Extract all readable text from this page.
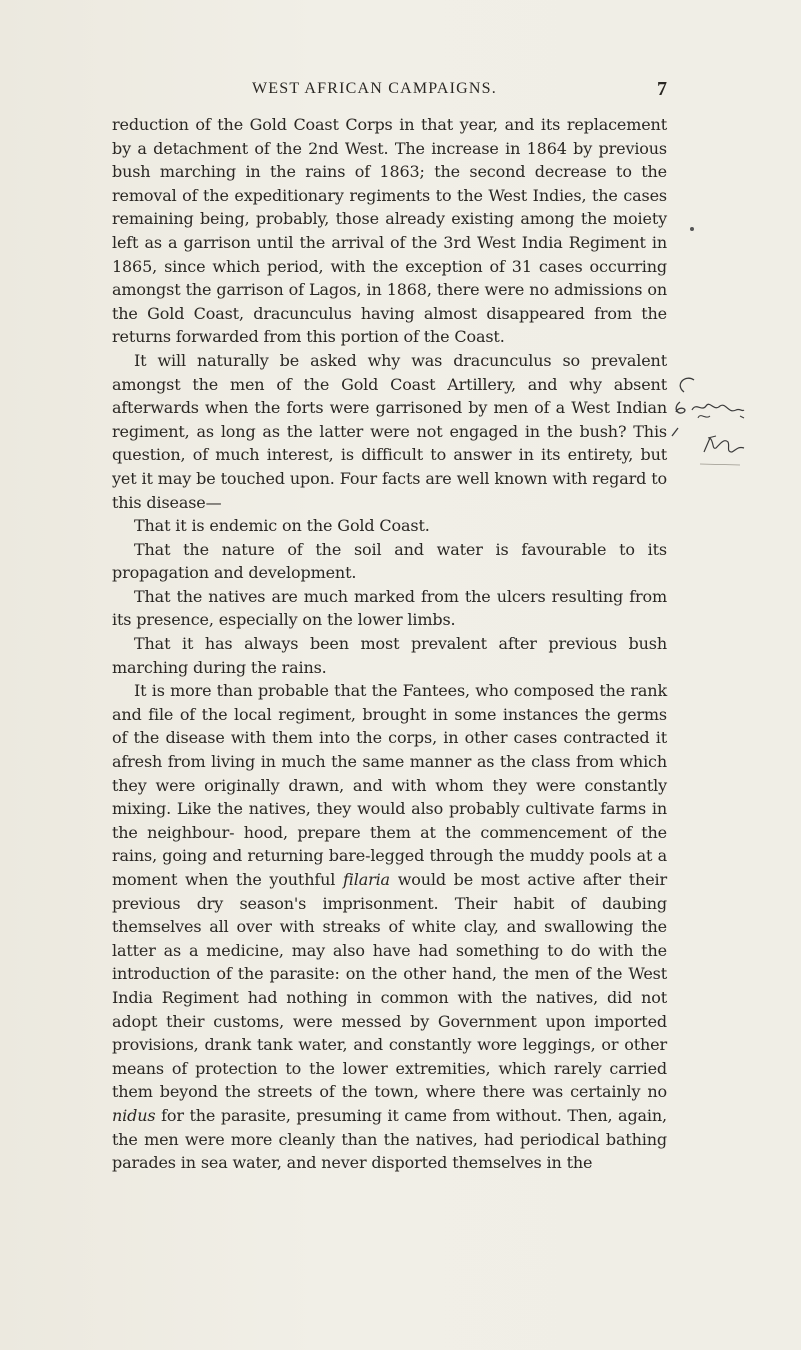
WEST AFRICAN CAMPAIGNS.	7

reduction of the Gold Coast Corps in that year, and its replacement by a detachment of the 2nd West. The increase in 1864 by previous bush marching in the rains of 1863; the second decrease to the removal of the expeditionary regiments to the West Indies, the cases remaining being, probably, those already existing among the moiety left as a garrison until the arrival of the 3rd West India Regiment in 1865, since which period, with the exception of 31 cases occurring amongst the garrison of Lagos, in 1868, there were no admissions on the Gold Coast, dracunculus having almost disappeared from the returns forwarded from this portion of the Coast.

It will naturally be asked why was dracunculus so prevalent amongst the men of the Gold Coast Artillery, and why absent afterwards when the forts were garrisoned by men of a West Indian regiment, as long as the latter were not engaged in the bush? This question, of much interest, is difficult to answer in its entirety, but yet it may be touched upon. Four facts are well known with regard to this disease—

That it is endemic on the Gold Coast.

That the nature of the soil and water is favourable to its propagation and development.

That the natives are much marked from the ulcers resulting from its presence, especially on the lower limbs.

That it has always been most prevalent after previous bush marching during the rains.

It is more than probable that the Fantees, who composed the rank and file of the local regiment, brought in some instances the germs of the disease with them into the corps, in other cases contracted it afresh from living in much the same manner as the class from which they were originally drawn, and with whom they were constantly mixing. Like the natives, they would also probably cultivate farms in the neighbour- hood, prepare them at the commencement of the rains, going and returning bare-legged through the muddy pools at a moment when the youthful filaria would be most active after their previous dry season's imprisonment. Their habit of daubing themselves all over with streaks of white clay, and swallowing the latter as a medicine, may also have had something to do with the introduction of the parasite: on the other hand, the men of the West India Regiment had nothing in common with the natives, did not adopt their customs, were messed by Government upon imported provisions, drank tank water, and constantly wore leggings, or other means of protection to the lower extremities, which rarely carried them beyond the streets of the town, where there was certainly no nidus for the parasite, presuming it came from without. Then, again, the men were more cleanly than the natives, had periodical bathing parades in sea water, and never disported themselves in the
